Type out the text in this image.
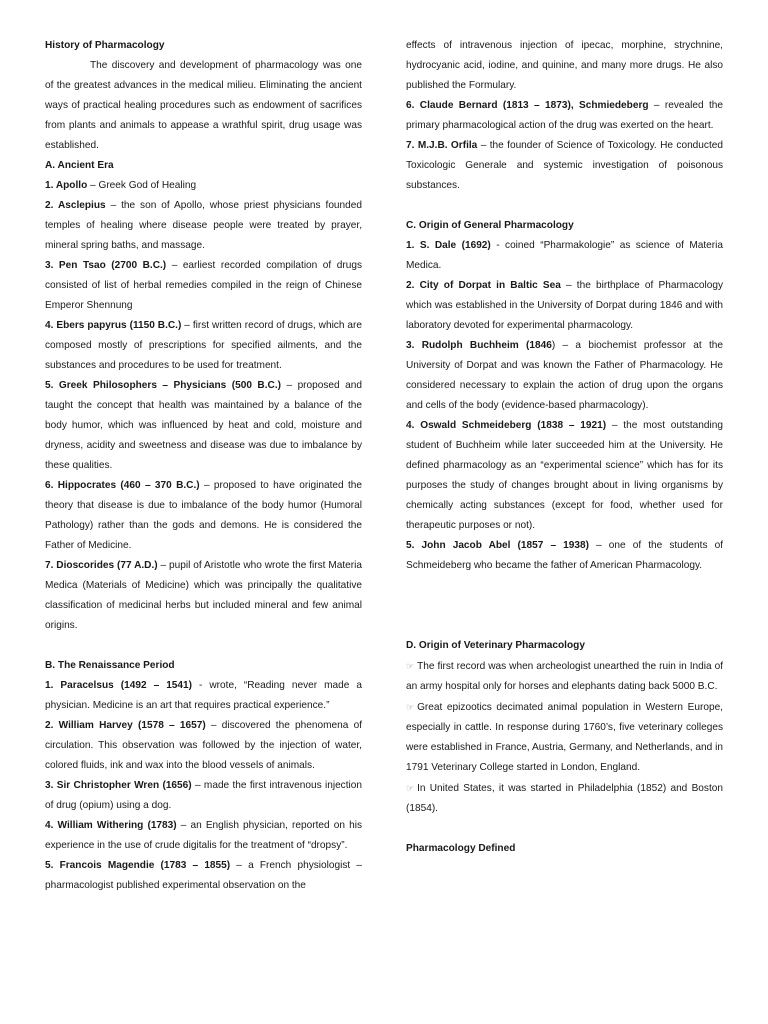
History of Pharmacology

The discovery and development of pharmacology was one of the greatest advances in the medical milieu. Eliminating the ancient ways of practical healing procedures such as endowment of sacrifices from plants and animals to appease a wrathful spirit, drug usage was established.

A. Ancient Era

1. Apollo – Greek God of Healing

2. Asclepius – the son of Apollo, whose priest physicians founded temples of healing where disease people were treated by prayer, mineral spring baths, and massage.

3. Pen Tsao (2700 B.C.) – earliest recorded compilation of drugs consisted of list of herbal remedies compiled in the reign of Chinese Emperor Shennung

4. Ebers papyrus (1150 B.C.) – first written record of drugs, which are composed mostly of prescriptions for specified ailments, and the substances and procedures to be used for treatment.

5. Greek Philosophers – Physicians (500 B.C.) – proposed and taught the concept that health was maintained by a balance of the body humor, which was influenced by heat and cold, moisture and dryness, acidity and sweetness and disease was due to imbalance by these qualities.

6. Hippocrates (460 – 370 B.C.) – proposed to have originated the theory that disease is due to imbalance of the body humor (Humoral Pathology) rather than the gods and demons. He is considered the Father of Medicine.

7. Dioscorides (77 A.D.) – pupil of Aristotle who wrote the first Materia Medica (Materials of Medicine) which was principally the qualitative classification of medicinal herbs but included mineral and few animal origins.

B. The Renaissance Period

1. Paracelsus (1492 – 1541) - wrote, “Reading never made a physician. Medicine is an art that requires practical experience.”

2. William Harvey (1578 – 1657) – discovered the phenomena of circulation. This observation was followed by the injection of water, colored fluids, ink and wax into the blood vessels of animals.

3. Sir Christopher Wren (1656) – made the first intravenous injection of drug (opium) using a dog.

4. William Withering (1783) – an English physician, reported on his experience in the use of crude digitalis for the treatment of “dropsy”.

5. Francois Magendie (1783 – 1855) – a French physiologist – pharmacologist published experimental observation on the

effects of intravenous injection of ipecac, morphine, strychnine, hydrocyanic acid, iodine, and quinine, and many more drugs. He also published the Formulary.

6. Claude Bernard (1813 – 1873), Schmiedeberg – revealed the primary pharmacological action of the drug was exerted on the heart.

7. M.J.B. Orfila – the founder of Science of Toxicology. He conducted Toxicologic Generale and systemic investigation of poisonous substances.

C. Origin of General Pharmacology

1. S. Dale (1692) - coined “Pharmakologie” as science of Materia Medica.

2. City of Dorpat in Baltic Sea – the birthplace of Pharmacology which was established in the University of Dorpat during 1846 and with laboratory devoted for experimental pharmacology.

3. Rudolph Buchheim (1846) – a biochemist professor at the University of Dorpat and was known the Father of Pharmacology. He considered necessary to explain the action of drug upon the organs and cells of the body (evidence-based pharmacology).

4. Oswald Schmeideberg (1838 – 1921) – the most outstanding student of Buchheim while later succeeded him at the University. He defined pharmacology as an “experimental science” which has for its purposes the study of changes brought about in living organisms by chemically acting substances (except for food, whether used for therapeutic purposes or not).

5. John Jacob Abel (1857 – 1938) – one of the students of Schmeideberg who became the father of American Pharmacology.

D. Origin of Veterinary Pharmacology

☞ The first record was when archeologist unearthed the ruin in India of an army hospital only for horses and elephants dating back 5000 B.C.

☞ Great epizootics decimated animal population in Western Europe, especially in cattle. In response during 1760’s, five veterinary colleges were established in France, Austria, Germany, and Netherlands, and in 1791 Veterinary College started in London, England.

☞ In United States, it was started in Philadelphia (1852) and Boston (1854).

Pharmacology Defined
